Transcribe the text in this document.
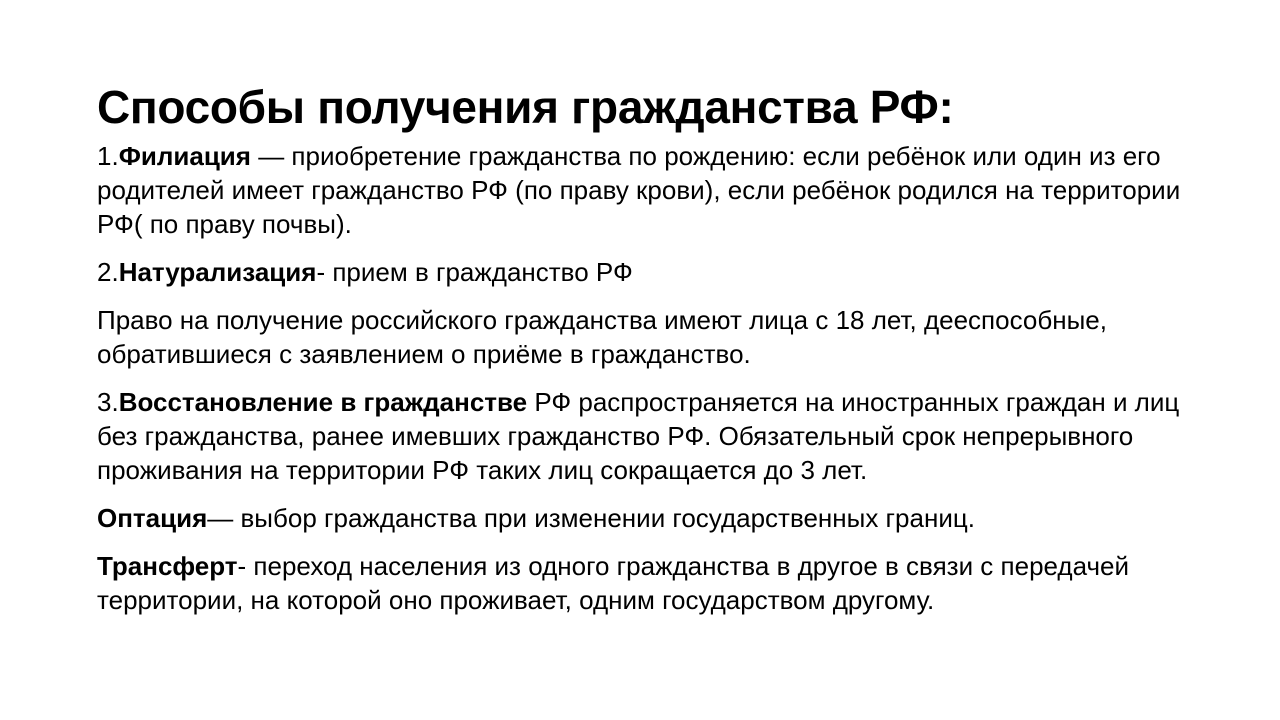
Способы получения гражданства РФ:

1.Филиация — приобретение гражданства по рождению: если ребёнок или один из его родителей имеет гражданство РФ (по праву крови), если ребёнок родился на территории РФ( по праву почвы).

2.Натурализация- прием в гражданство РФ

Право на получение российского гражданства имеют лица с 18 лет, дееспособные, обратившиеся с заявлением о приёме в гражданство.

3.Восстановление в гражданстве РФ распространяется на иностранных граждан и лиц без гражданства, ранее имевших гражданство РФ. Обязательный срок непрерывного проживания на территории РФ таких лиц сокращается до 3 лет.

Оптация— выбор гражданства при изменении государственных границ.

Трансферт- переход населения из одного гражданства в другое в связи с передачей территории, на которой оно проживает, одним государством другому.
